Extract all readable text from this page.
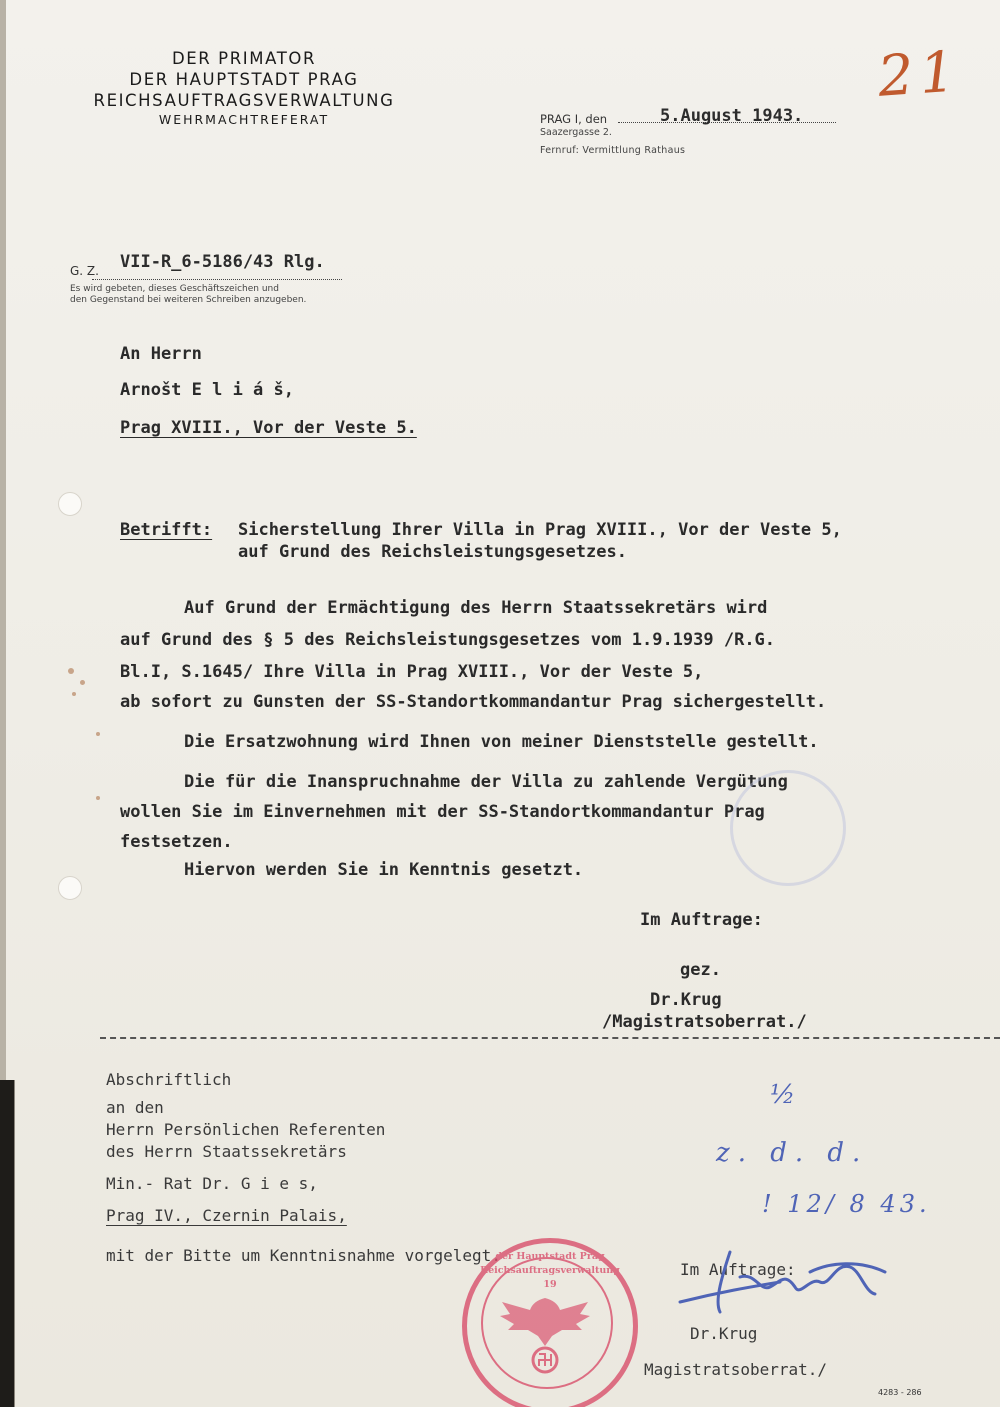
DER PRIMATOR
DER HAUPTSTADT PRAG
REICHSAUFTRAGSVERWALTUNG
WEHRMACHTREFERAT
21
PRAG I, den	5.August 1943.
Saazergasse 2.
Fernruf: Vermittlung Rathaus
G. Z. VII-R_6-5186/43 Rlg.
Es wird gebeten, dieses Geschäftszeichen und
den Gegenstand bei weiteren Schreiben anzugeben.
An Herrn
Arnošt E l i á š,
Prag XVIII., Vor der Veste 5.
Betrifft: Sicherstellung Ihrer Villa in Prag XVIII., Vor der Veste 5,
auf Grund des Reichsleistungsgesetzes.
Auf Grund der Ermächtigung des Herrn Staatssekretärs wird
auf Grund des § 5 des Reichsleistungsgesetzes vom 1.9.1939 /R.G.
Bl.I, S.1645/ Ihre Villa in Prag XVIII., Vor der Veste 5,
ab sofort zu Gunsten der SS-Standortkommandantur Prag sichergestellt.
Die Ersatzwohnung wird Ihnen von meiner Dienststelle gestellt.
Die für die Inanspruchnahme der Villa zu zahlende Vergütung
wollen Sie im Einvernehmen mit der SS-Standortkommandantur Prag
festsetzen.
Hiervon werden Sie in Kenntnis gesetzt.
Im Auftrage:
gez.
Dr.Krug
/Magistratsoberrat./
Abschriftlich
an den
Herrn Persönlichen Referenten
des Herrn Staatssekretärs
Min.- Rat Dr. G i e s,
Prag IV., Czernin Palais,
mit der Bitte um Kenntnisnahme vorgelegt.
Im Auftrage:
Dr.Krug
Magistratsoberrat./
½
z. d. d.
! 12/ 8 43.
der Hauptstadt Prag
Reichsauftragsverwaltung
19
4283 - 286
